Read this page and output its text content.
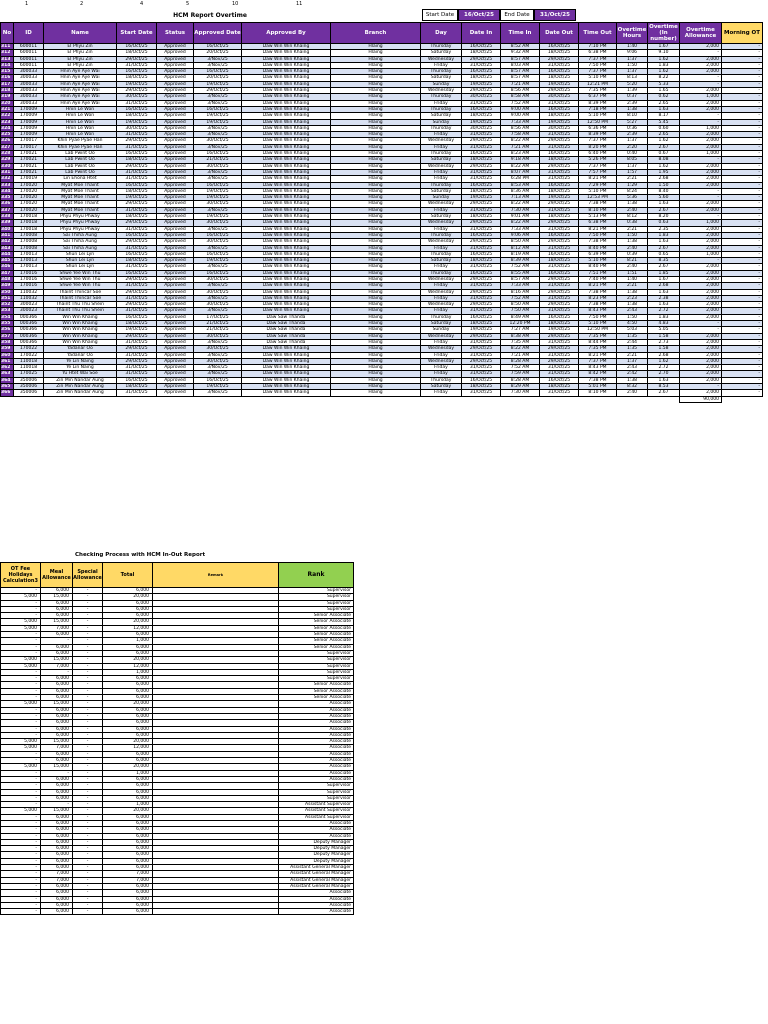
1	2	4	5	10	11
HCM Report Overtime	Start Date	16/Oct/25	End Date	31/Oct/25
No	ID	Name	Start Date	Status	Approved Date	Approved By	Branch	Day	Date In	Time In	Date Out	Time Out	Overtime Hours	Overtime (In number)	Overtime Allowance	Morning OT
311	600011	EI Phyu Zin	16/Oct/25	Approved	16/Oct/25	Daw Win Win Khaing	Hlaing	Thursday	16/Oct/25	8:52 AM	16/Oct/25	7:10 PM	1:40	1.67	2,000	-
312	600011	EI Phyu Zin	18/Oct/25	Approved	20/Oct/25	Daw Win Win Khaing	Hlaing	Saturday	18/Oct/25	9:32 AM	18/Oct/25	6:38 PM	9:06	9.10	-	-
313	600011	EI Phyu Zin	29/Oct/25	Approved	3/Nov/25	Daw Win Win Khaing	Hlaing	Wednesday	29/Oct/25	8:57 AM	29/Oct/25	7:37 PM	1:37	1.62	2,000	-
314	600011	EI Phyu Zin	31/Oct/25	Approved	3/Nov/25	Daw Win Win Khaing	Hlaing	Friday	31/Oct/25	8:03 AM	31/Oct/25	7:50 PM	1:50	1.83	2,000	-
315	300033	Hnin Aye Aye Wai	16/Oct/25	Approved	16/Oct/25	Daw Win Win Khaing	Hlaing	Thursday	16/Oct/25	8:57 AM	16/Oct/25	7:37 PM	1:37	1.62	2,000	-
316	300033	Hnin Aye Aye Wai	18/Oct/25	Approved	20/Oct/25	Daw Win Win Khaing	Hlaing	Saturday	18/Oct/25	8:57 AM	18/Oct/25	5:10 PM	8:13	8.22	-	-
317	300033	Hnin Aye Aye Wai	19/Oct/25	Approved	19/Oct/25	Daw Win Win Khaing	Hlaing	Sunday	19/Oct/25	7:21 AM	19/Oct/25	12:21 PM	5:20	5.33	-	-
318	300033	Hnin Aye Aye Wai	29/Oct/25	Approved	29/Oct/25	Daw Win Win Khaing	Hlaing	Wednesday	29/Oct/25	8:56 AM	29/Oct/25	7:35 PM	1:39	1.65	2,000	-
319	300033	Hnin Aye Aye Wai	30/Oct/25	Approved	3/Nov/25	Daw Win Win Khaing	Hlaing	Thursday	30/Oct/25	8:58 AM	30/Oct/25	6:37 PM	0:37	0.62	1,000	-
320	300033	Hnin Aye Aye Wai	31/Oct/25	Approved	3/Nov/25	Daw Win Win Khaing	Hlaing	Friday	31/Oct/25	7:52 AM	31/Oct/25	8:39 PM	2:39	2.65	2,000	-
321	170009	Hnin Le Won	16/Oct/25	Approved	16/Oct/25	Daw Win Win Khaing	Hlaing	Thursday	16/Oct/25	9:00 AM	16/Oct/25	7:18 PM	1:38	1.63	2,000	-
322	170009	Hnin Le Won	18/Oct/25	Approved	19/Oct/25	Daw Win Win Khaing	Hlaing	Saturday	18/Oct/25	9:00 AM	18/Oct/25	5:10 PM	8:10	8.17	-	-
323	170009	Hnin Le Won	19/Oct/25	Approved	19/Oct/25	Daw Win Win Khaing	Hlaing	Sunday	19/Oct/25	7:33 AM	19/Oct/25	12:50 PM	5:27	5.45	-	-
324	170009	Hnin Le Won	30/Oct/25	Approved	3/Nov/25	Daw Win Win Khaing	Hlaing	Thursday	30/Oct/25	8:56 AM	30/Oct/25	6:36 PM	0:36	0.60	1,000	-
325	170009	Hnin Le Won	31/Oct/25	Approved	3/Nov/25	Daw Win Win Khaing	Hlaing	Friday	31/Oct/25	7:58 AM	31/Oct/25	8:39 PM	2:39	2.65	2,000	-
326	170017	Khin Pyae Pyae Han	29/Oct/25	Approved	30/Oct/25	Daw Win Win Khaing	Hlaing	Wednesday	29/Oct/25	8:22 AM	29/Oct/25	7:37 PM	1:37	1.62	2,000	-
327	170017	Khin Pyae Pyae Han	31/Oct/25	Approved	3/Nov/25	Daw Win Win Khaing	Hlaing	Friday	31/Oct/25	7:21 AM	31/Oct/25	8:20 PM	2:20	2.67	2,000	-
328	170021	Lab Pwint Oo	16/Oct/25	Approved	16/Oct/25	Daw Win Win Khaing	Hlaing	Thursday	16/Oct/25	8:23 AM	16/Oct/25	6:40 PM	0:40	0.67	1,000	-
329	170021	Lab Pwint Oo	18/Oct/25	Approved	21/Oct/25	Daw Win Win Khaing	Hlaing	Saturday	18/Oct/25	9:18 AM	18/Oct/25	5:26 PM	8:05	8.08	-	-
330	170021	Lab Pwint Oo	29/Oct/25	Approved	30/Oct/25	Daw Win Win Khaing	Hlaing	Wednesday	29/Oct/25	8:22 AM	29/Oct/25	7:37 PM	1:37	1.62	2,000	-
331	170021	Lab Pwint Oo	31/Oct/25	Approved	3/Nov/25	Daw Win Win Khaing	Hlaing	Friday	31/Oct/25	8:07 AM	31/Oct/25	7:57 PM	1:57	1.95	2,000	-
332	170019	Lin Ehona Htet	31/Oct/25	Approved	3/Nov/25	Daw Win Win Khaing	Hlaing	Friday	31/Oct/25	6:28 PM	31/Oct/25	8:21 PM	2:21	2.68	2,000	-
333	170020	Myat Moe Thaint	16/Oct/25	Approved	16/Oct/25	Daw Win Win Khaing	Hlaing	Thursday	16/Oct/25	8:53 AM	16/Oct/25	7:29 PM	1:29	1.50	2,000	-
334	170020	Myat Moe Thaint	18/Oct/25	Approved	19/Oct/25	Daw Win Win Khaing	Hlaing	Saturday	18/Oct/25	8:36 AM	18/Oct/25	5:10 PM	8:24	8.40	-	-
335	170020	Myat Moe Thaint	19/Oct/25	Approved	19/Oct/25	Daw Win Win Khaing	Hlaing	Sunday	19/Oct/25	7:13 AM	19/Oct/25	12:53 PM	5:36	5.60	-	-
336	170020	Myat Moe Thaint	29/Oct/25	Approved	30/Oct/25	Daw Win Win Khaing	Hlaing	Wednesday	29/Oct/25	8:22 AM	29/Oct/25	7:38 PM	1:38	1.63	2,000	-
337	170020	Myat Moe Thaint	31/Oct/25	Approved	3/Nov/25	Daw Win Win Khaing	Hlaing	Friday	31/Oct/25	7:30 AM	31/Oct/25	8:10 PM	2:40	2.67	2,000	-
338	170018	Phyu Phyu Phway	18/Oct/25	Approved	19/Oct/25	Daw Win Win Khaing	Hlaing	Saturday	18/Oct/25	9:01 AM	18/Oct/25	5:13 PM	8:12	8.20	-	-
339	170018	Phyu Phyu Phway	29/Oct/25	Approved	30/Oct/25	Daw Win Win Khaing	Hlaing	Wednesday	29/Oct/25	8:22 AM	29/Oct/25	6:38 PM	0:38	0.63	1,000	-
340	170018	Phyu Phyu Phway	31/Oct/25	Approved	3/Nov/25	Daw Win Win Khaing	Hlaing	Friday	31/Oct/25	7:33 AM	31/Oct/25	8:21 PM	2:21	2.35	2,000	-
341	170008	Sai Thiha Aung	16/Oct/25	Approved	16/Oct/25	Daw Win Win Khaing	Hlaing	Thursday	16/Oct/25	9:06 AM	16/Oct/25	7:50 PM	1:50	1.83	2,000	-
342	170008	Sai Thiha Aung	29/Oct/25	Approved	30/Oct/25	Daw Win Win Khaing	Hlaing	Wednesday	29/Oct/25	8:50 AM	29/Oct/25	7:38 PM	1:38	1.63	2,000	-
343	170008	Sai Thiha Aung	31/Oct/25	Approved	3/Nov/25	Daw Win Win Khaing	Hlaing	Friday	31/Oct/25	8:12 AM	31/Oct/25	8:40 PM	2:40	2.67	2,000	-
344	170013	Shun Lei Lyn	16/Oct/25	Approved	16/Oct/25	Daw Win Win Khaing	Hlaing	Thursday	16/Oct/25	8:19 AM	16/Oct/25	6:39 PM	0:39	0.65	1,000	-
345	170013	Shun Lei Lyn	18/Oct/25	Approved	19/Oct/25	Daw Win Win Khaing	Hlaing	Saturday	18/Oct/25	8:39 AM	18/Oct/25	5:10 PM	8:21	8.35	-	-
346	170013	Shun Lei Lyn	31/Oct/25	Approved	3/Nov/25	Daw Win Win Khaing	Hlaing	Friday	31/Oct/25	7:52 AM	31/Oct/25	8:40 PM	2:40	2.67	2,000	-
347	170016	Shwe Yee Win Thu	16/Oct/25	Approved	16/Oct/25	Daw Win Win Khaing	Hlaing	Thursday	16/Oct/25	8:55 AM	16/Oct/25	7:51 PM	1:51	1.85	2,000	-
348	170016	Shwe Yee Win Thu	29/Oct/25	Approved	30/Oct/25	Daw Win Win Khaing	Hlaing	Wednesday	29/Oct/25	8:57 AM	29/Oct/25	7:40 PM	1:40	1.67	2,000	-
349	170016	Shwe Yee Win Thu	31/Oct/25	Approved	3/Nov/25	Daw Win Win Khaing	Hlaing	Friday	31/Oct/25	7:33 AM	31/Oct/25	8:21 PM	2:21	2.68	2,000	-
350	110032	Thaint Thincar Soe	29/Oct/25	Approved	30/Oct/25	Daw Win Win Khaing	Hlaing	Wednesday	29/Oct/25	8:16 AM	29/Oct/25	7:38 PM	1:38	1.63	2,000	-
351	110032	Thaint Thincar Soe	31/Oct/25	Approved	3/Nov/25	Daw Win Win Khaing	Hlaing	Friday	31/Oct/25	7:52 AM	31/Oct/25	8:23 PM	2:23	2.38	2,000	-
352	300023	Thaint Thu Thu Shein	29/Oct/25	Approved	30/Oct/25	Daw Win Win Khaing	Hlaing	Wednesday	29/Oct/25	8:50 AM	29/Oct/25	7:38 PM	1:38	1.63	2,000	-
353	300023	Thaint Thu Thu Shein	31/Oct/25	Approved	3/Nov/25	Daw Win Win Khaing	Hlaing	Friday	31/Oct/25	7:50 AM	31/Oct/25	8:43 PM	2:43	2.72	2,000	-
354	000366	Win Win Khaing	16/Oct/25	Approved	17/Oct/25	Daw Saw Thanda	Hlaing	Thursday	16/Oct/25	8:49 AM	16/Oct/25	7:50 PM	1:50	1.83	2,000	-
355	000366	Win Win Khaing	18/Oct/25	Approved	21/Oct/25	Daw Saw Thanda	Hlaing	Saturday	18/Oct/25	12:20 PM	18/Oct/25	5:10 PM	4:50	4.83	-	-
356	000366	Win Win Khaing	19/Oct/25	Approved	21/Oct/25	Daw Saw Thanda	Hlaing	Sunday	19/Oct/25	7:27 AM	19/Oct/25	12:50 PM	5:03	5.05	-	-
357	000366	Win Win Khaing	29/Oct/25	Approved	30/Oct/25	Daw Saw Thanda	Hlaing	Wednesday	29/Oct/25	8:38 AM	29/Oct/25	7:35 PM	1:35	1.58	2,000	-
358	000366	Win Win Khaing	31/Oct/25	Approved	3/Nov/25	Daw Saw Thanda	Hlaing	Friday	31/Oct/25	7:35 AM	31/Oct/25	8:44 PM	2:44	2.73	2,000	-
359	170022	Yadanar Oo	29/Oct/25	Approved	30/Oct/25	Daw Win Win Khaing	Hlaing	Wednesday	29/Oct/25	8:22 AM	29/Oct/25	7:35 PM	1:35	1.58	2,000	-
360	170022	Yadanar Oo	31/Oct/25	Approved	3/Nov/25	Daw Win Win Khaing	Hlaing	Friday	31/Oct/25	7:21 AM	31/Oct/25	8:21 PM	2:21	2.68	2,000	-
361	110018	Ye Lin Naing	29/Oct/25	Approved	30/Oct/25	Daw Win Win Khaing	Hlaing	Wednesday	29/Oct/25	8:28 AM	29/Oct/25	7:37 PM	1:37	1.62	2,000	-
362	110018	Ye Lin Naing	31/Oct/25	Approved	3/Nov/25	Daw Win Win Khaing	Hlaing	Friday	31/Oct/25	7:52 AM	31/Oct/25	8:43 PM	2:43	2.72	2,000	-
363	170025	Yu Htet Wai Soe	31/Oct/25	Approved	3/Nov/25	Daw Win Win Khaing	Hlaing	Friday	31/Oct/25	7:59 AM	31/Oct/25	8:42 PM	2:42	2.70	2,000	-
364	350006	Zin Min Nandar Aung	16/Oct/25	Approved	16/Oct/25	Daw Win Win Khaing	Hlaing	Thursday	16/Oct/25	8:28 AM	16/Oct/25	7:38 PM	1:38	1.63	2,000	-
365	350006	Zin Min Nandar Aung	18/Oct/25	Approved	19/Oct/25	Daw Win Win Khaing	Hlaing	Saturday	18/Oct/25	8:29 AM	18/Oct/25	5:01 PM	8:32	8.53	-	-
366	350006	Zin Min Nandar Aung	31/Oct/25	Approved	3/Nov/25	Daw Win Win Khaing	Hlaing	Friday	31/Oct/25	7:30 AM	31/Oct/25	8:10 PM	2:40	2.67	2,000	-
															90,000	
Checking Process with HCM In-Out Report
OT Fee Holidays Calculation3	Meal Allowance	Special Allowance	Total	Remark	Rank
-	6,000	-	6,000		Supervisor
5,000	15,000	-	20,000		Supervisor
-	6,000	-	6,000		Supervisor
-	6,000	-	6,000		Supervisor
-	6,000	-	6,000		Senior Associate
5,000	15,000	-	20,000		Senior Associate
5,000	7,000	-	12,000		Senior Associate
-	6,000	-	6,000		Senior Associate
-	-	-	1,000		Senior Associate
-	6,000	-	6,000		Senior Associate
-	6,000	-	6,000		Supervisor
5,000	15,000	-	20,000		Supervisor
5,000	7,000	-	12,000		Supervisor
-	-	-	1,000		Supervisor
-	6,000	-	6,000		Supervisor
-	6,000	-	6,000		Senior Associate
-	6,000	-	6,000		Senior Associate
-	6,000	-	6,000		Senior Associate
5,000	15,000	-	20,000		Associate
-	6,000	-	6,000		Associate
-	6,000	-	6,000		Associate
-	6,000	-	6,000		Associate
-	6,000	-	6,000		Associate
-	6,000	-	6,000		Associate
5,000	15,000	-	20,000		Associate
5,000	7,000	-	12,000		Associate
-	6,000	-	6,000		Associate
-	6,000	-	6,000		Associate
5,000	15,000	-	20,000		Associate
-	-	-	1,000		Associate
-	6,000	-	6,000		Associate
-	6,000	-	6,000		Supervisor
-	6,000	-	6,000		Supervisor
-	6,000	-	6,000		Supervisor
-	-	-	1,000		Assistant Supervisor
5,000	15,000	-	20,000		Assistant Supervisor
-	6,000	-	6,000		Assistant Supervisor
-	6,000	-	6,000		Associate
-	6,000	-	6,000		Associate
-	6,000	-	6,000		Associate
-	6,000	-	6,000		Deputy Manager
-	6,000	-	6,000		Deputy Manager
-	6,000	-	6,000		Deputy Manager
-	6,000	-	6,000		Deputy Manager
-	6,000	-	6,000		Assistant General Manager
-	7,000	-	7,000		Assistant General Manager
-	7,000	-	7,000		Assistant General Manager
-	6,000	-	6,000		Assistant General Manager
-	6,000	-	6,000		Associate
-	6,000	-	6,000		Associate
-	6,000	-	6,000		Associate
-	6,000	-	6,000		Associate
